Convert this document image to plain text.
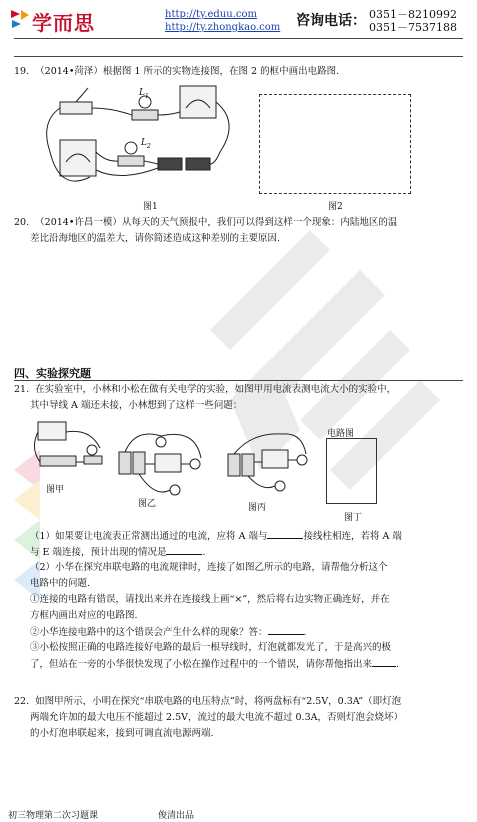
学而思	http://ty.eduu.com
http://ty.zhongkao.com 咨询电话： 0351－8210992
0351－7537188
19.  （2014•菏泽）根据图 1 所示的实物连接图，在图 2 的框中画出电路图.
$L_1$
$L_2$
图1	图2
20.  （2014•许昌一模）从每天的天气预报中，我们可以得到这样一个现象：内陆地区的温
差比沿海地区的温差大，请你简述造成这种差别的主要原因.
四、实验探究题
21.  在实验室中，小林和小松在做有关电学的实验，如图甲用电流表测电流大小的实验中，
其中导线 A 端还未接，小林想到了这样一些问题：
图甲
图乙	图丙
电路图
图丁
（1）如果要让电流表正常测出通过的电流，应将 A 端与	接线柱相连，若将 A 端
与 E 端连接，预计出现的情况是	.
（2）小华在探究串联电路的电流规律时，连接了如图乙所示的电路，请帮他分析这个
电路中的问题.
①连接的电路有错误，请找出来并在连接线上画“×”，然后将右边实物正确连好，并在
方框内画出对应的电路图.
②小华连接电路中的这个错误会产生什么样的现象？答：	.
③小松按照正确的电路连接好电路的最后一根导线时，灯泡就都发光了，于是高兴的极
了，但站在一旁的小华很快发现了小松在操作过程中的一个错误，请你帮他指出来	.
22.  如图甲所示，小明在探究“串联电路的电压特点”时，将两盘标有“2.5V，0.3A”（即灯泡
两端允许加的最大电压不能超过 2.5V，流过的最大电流不超过 0.3A，否则灯泡会烧坏）
的小灯泡串联起来，接到可调直流电源两端.
初三物理第二次习题课	俊清出品
